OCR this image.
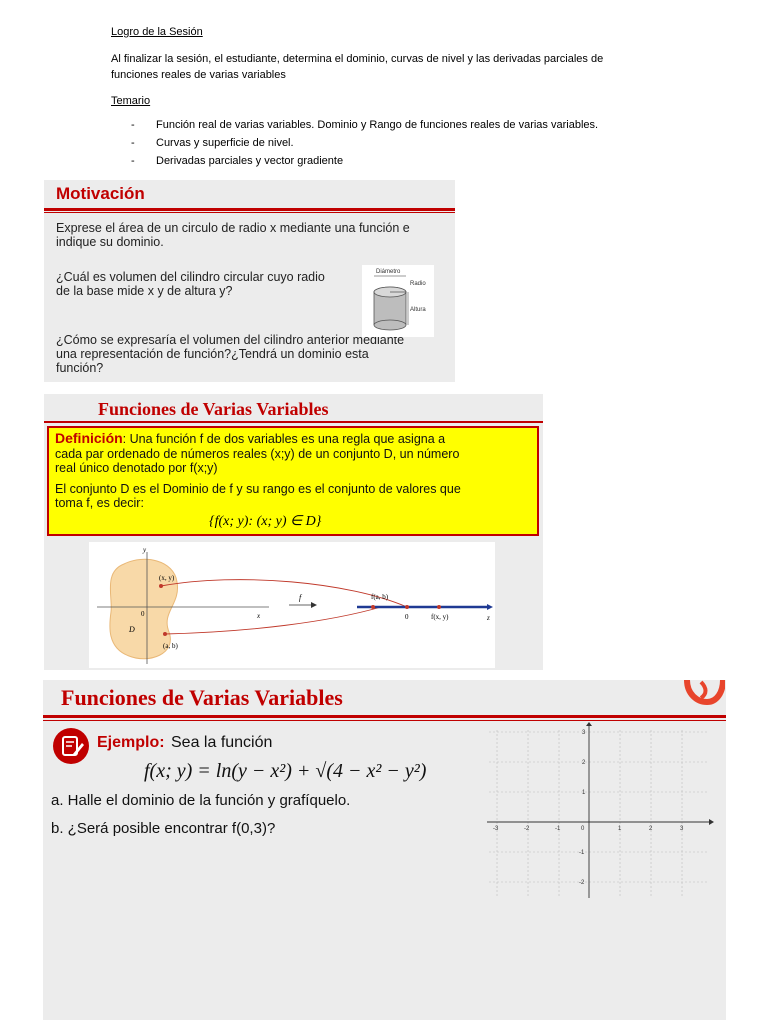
Logro de la Sesión
Al finalizar la sesión, el estudiante, determina el dominio, curvas de nivel y las derivadas parciales de
funciones reales de varias variables
Temario
- Función real de varias variables. Dominio y Rango de funciones reales de varias variables.
- Curvas y superficie de nivel.
- Derivadas parciales y vector gradiente
Motivación
Exprese el área de un circulo de radio x mediante una función e
indique su dominio.
¿Cuál es volumen del cilindro circular cuyo radio
de la base mide x y de altura y?
¿Cómo se expresaría el volumen del cilindro anterior mediante
una representación de función?¿Tendrá un dominio esta
función?
Diámetro
Radio
Altura
Funciones de Varias Variables
Definición: Una función f de dos variables es una regla que asigna a
cada par ordenado de números reales (x;y) de un conjunto D, un número
real único denotado por f(x;y)
El conjunto D es el Dominio de f y su rango es el conjunto de valores que
toma f, es decir:
{f(x; y): (x; y) ∈ D}
y
x
0
D
(x, y)
(a, b)
f
z
f(a, b)
0	f(x, y)
Funciones de Varias Variables
Ejemplo: Sea la función
f(x; y) = ln(y − x²) + √(4 − x² − y²)
a. Halle el dominio de la función y grafíquelo.
b. ¿Será posible encontrar f(0,3)?	-3	-2	-1	0	1	2	3
3
2
1
-1
-2
